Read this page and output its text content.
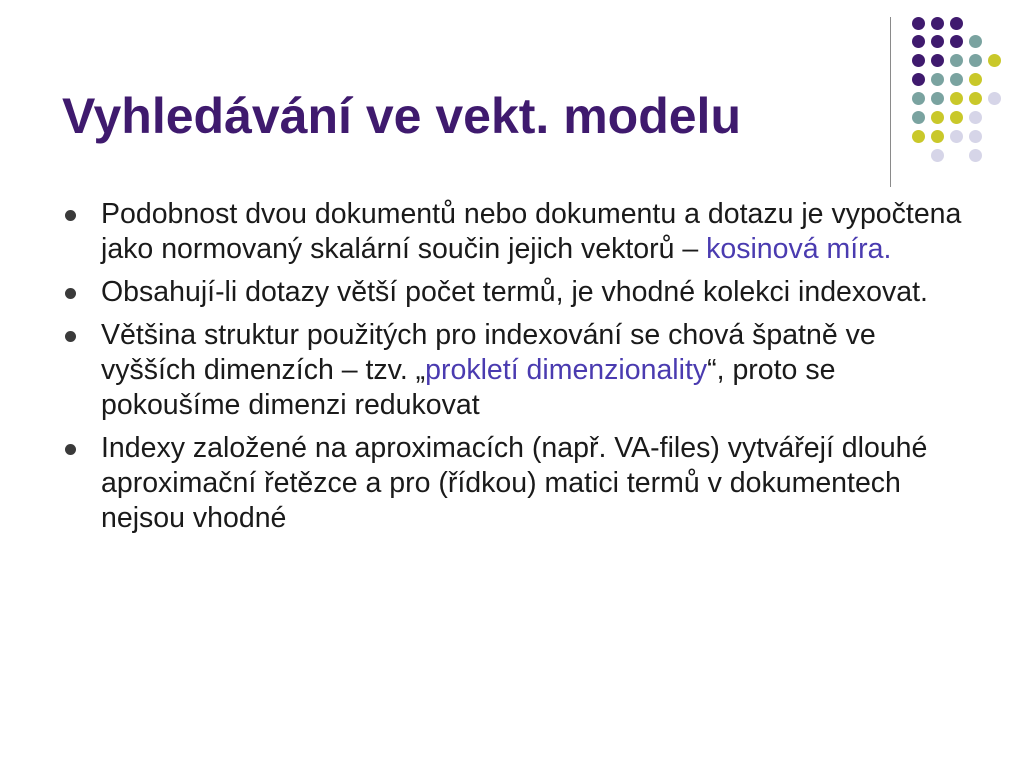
Vyhledávání ve vekt. modelu
Podobnost dvou dokumentů nebo dokumentu a dotazu je vypočtena jako normovaný skalární součin jejich vektorů – kosinová míra.
Obsahují-li dotazy větší počet termů, je vhodné kolekci indexovat.
Většina struktur použitých pro indexování se chová špatně ve vyšších dimenzích – tzv. „prokletí dimenzionality“, proto se pokoušíme dimenzi redukovat
Indexy založené na aproximacích (např. VA-files) vytvářejí dlouhé aproximační řetězce a pro (řídkou) matici termů v dokumentech nejsou vhodné
